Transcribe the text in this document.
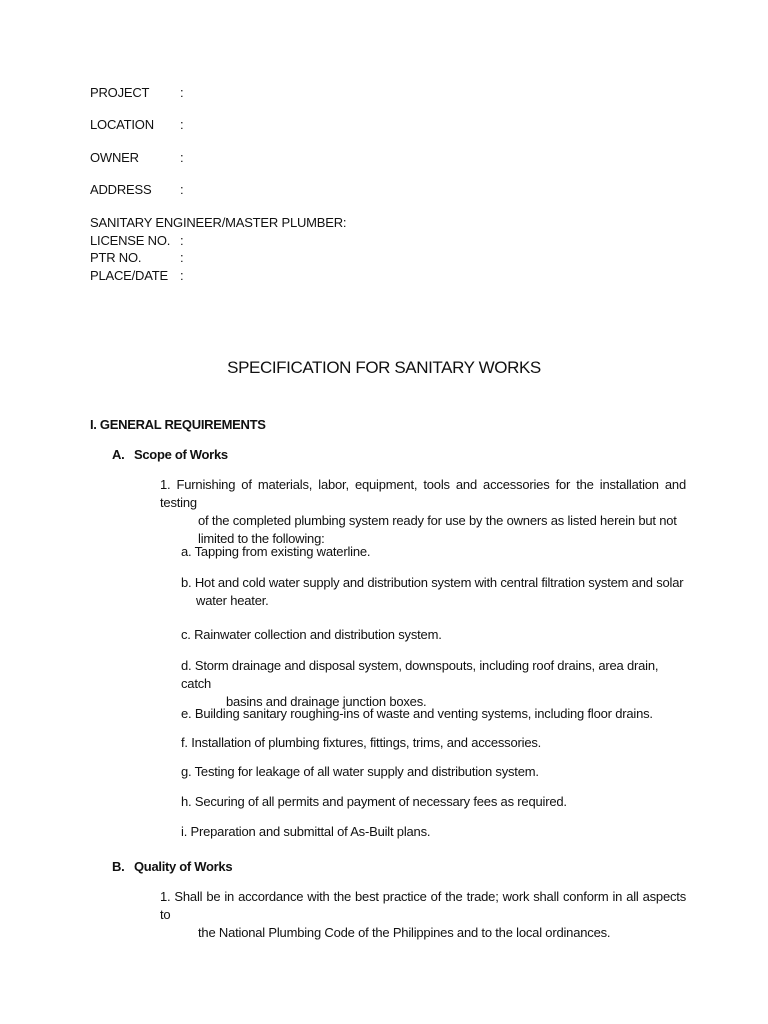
PROJECT :
LOCATION :
OWNER	:
ADDRESS :
SANITARY ENGINEER/MASTER PLUMBER:
LICENSE NO. :
PTR NO.	:
PLACE/DATE :
SPECIFICATION FOR SANITARY WORKS
I. GENERAL REQUIREMENTS
A. Scope of Works
1. Furnishing of materials, labor, equipment, tools and accessories for the installation and testing
of the completed plumbing system ready for use by the owners as listed herein but not
limited to the following:
a. Tapping from existing waterline.
b. Hot and cold water supply and distribution system with central filtration system and solar
water heater.
c. Rainwater collection and distribution system.
d. Storm drainage and disposal system, downspouts, including roof drains, area drain, catch
basins and drainage junction boxes.
e. Building sanitary roughing-ins of waste and venting systems, including floor drains.
f. Installation of plumbing fixtures, fittings, trims, and accessories.
g. Testing for leakage of all water supply and distribution system.
h. Securing of all permits and payment of necessary fees as required.
i. Preparation and submittal of As-Built plans.
B. Quality of Works
1. Shall be in accordance with the best practice of the trade; work shall conform in all aspects to
the National Plumbing Code of the Philippines and to the local ordinances.
